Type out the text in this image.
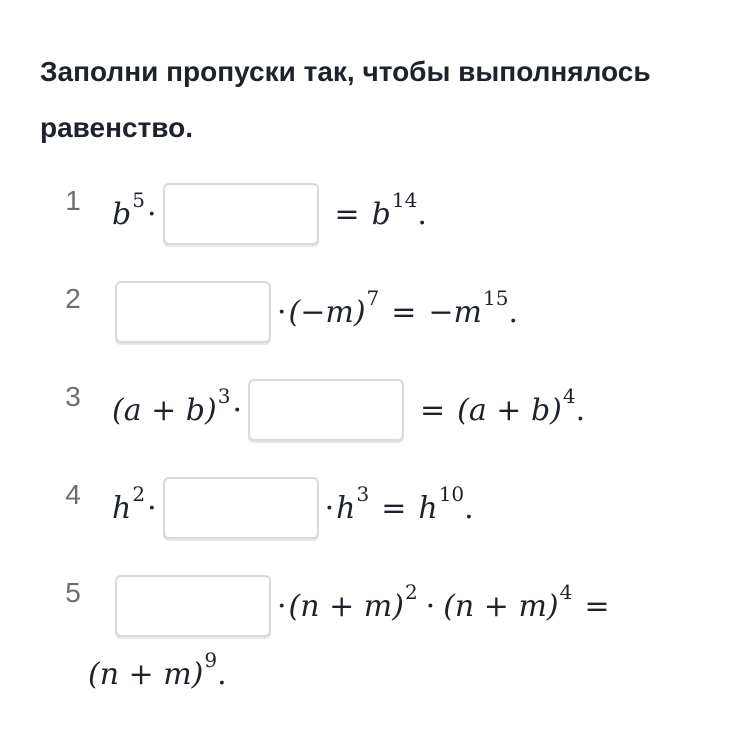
Заполни пропуски так, чтобы выполнялось равенство.
1 b 5 ·	= b 14 .
2	· (−m) 7 = −m 15 .
3 (a + b) 3 ·	= (a + b) 4 .
4 h 2 ·	· h 3 = h 10 .
5	· (n + m) 2 · (n + m) 4 =
(n + m) 9 .
